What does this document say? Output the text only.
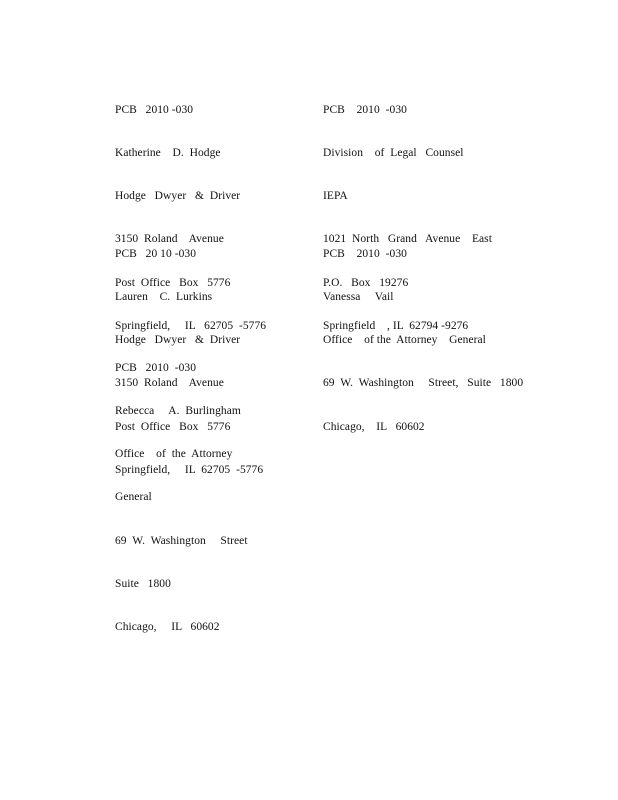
PCB   2010 -030

Katherine    D.  Hodge

Hodge   Dwyer   &  Driver

3150  Roland    Avenue

Post  Office   Box   5776

Springfield,     IL   62705  -5776

PCB    2010  -030

Division    of  Legal   Counsel

IEPA

1021  North   Grand   Avenue    East

P.O.   Box   19276

Springfield    , IL  62794 -9276

PCB   20 10 -030

Lauren    C.  Lurkins

Hodge   Dwyer   &  Driver

3150  Roland    Avenue

Post  Office   Box   5776

Springfield,     IL  62705  -5776

PCB    2010  -030

Vanessa     Vail

Office    of the  Attorney    General

69  W.  Washington     Street,   Suite   1800

Chicago,    IL   60602

PCB   2010  -030

Rebecca     A.  Burlingham

Office    of  the  Attorney

General

69  W.  Washington     Street

Suite   1800

Chicago,     IL   60602
